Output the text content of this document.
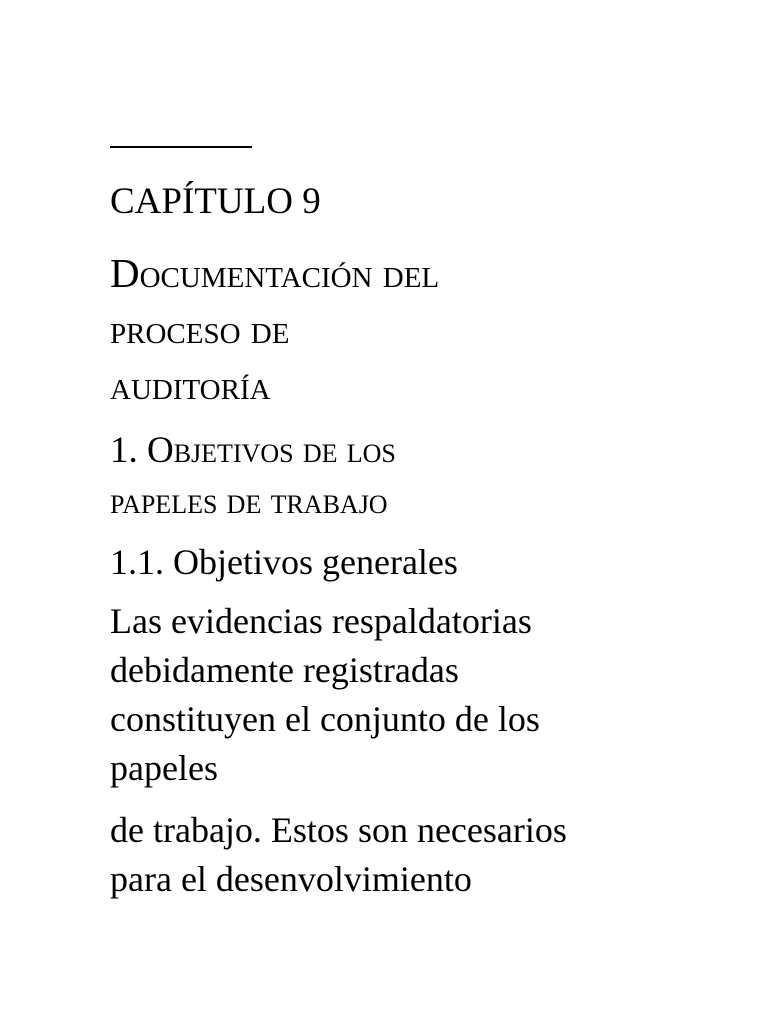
CAPÍTULO 9
Documentación del
proceso de
auditoría
1. Objetivos de los
papeles de trabajo
1.1. Objetivos generales
Las evidencias respaldatorias
debidamente registradas
constituyen el conjunto de los
papeles
de trabajo. Estos son necesarios
para el desenvolvimiento
